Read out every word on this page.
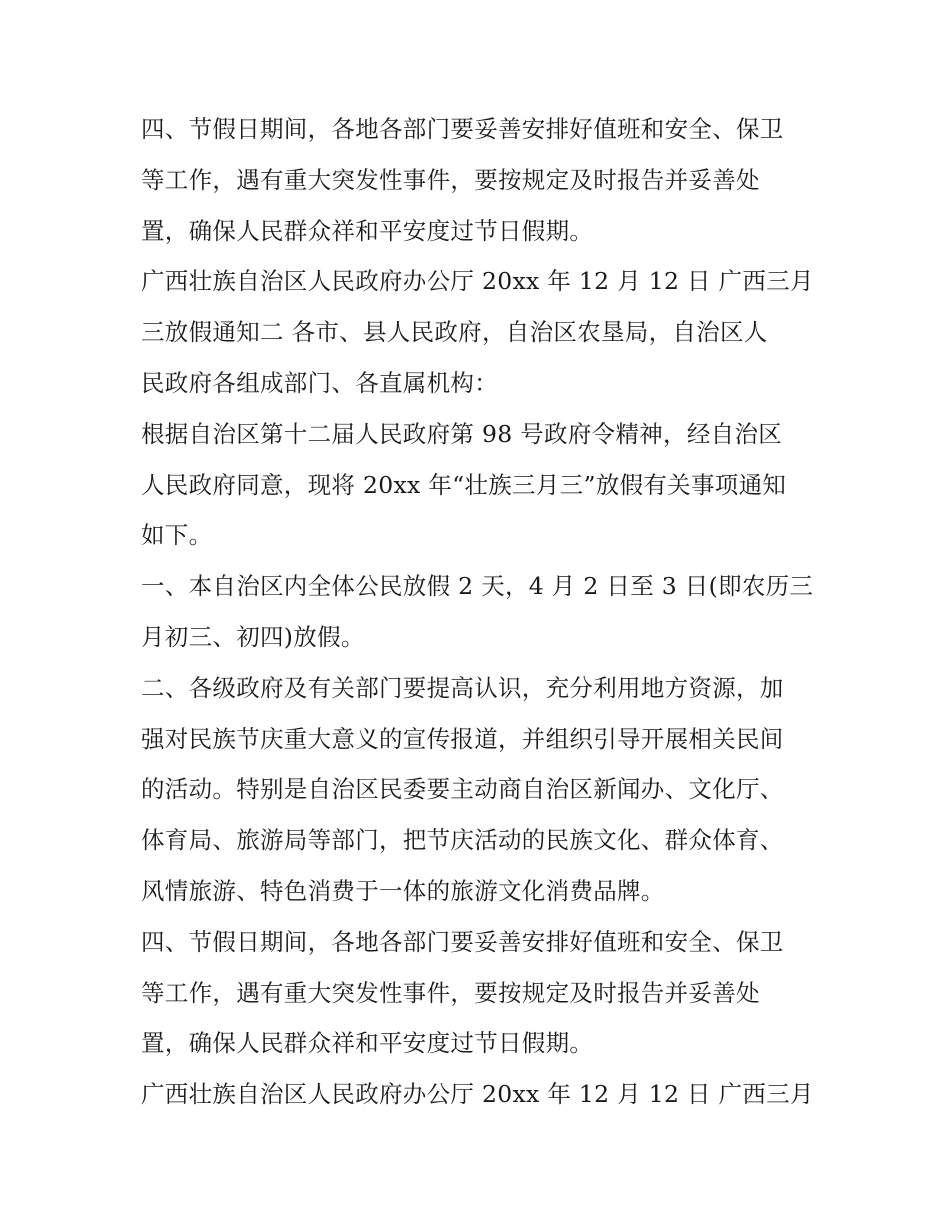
四、节假日期间，各地各部门要妥善安排好值班和安全、保卫
等工作，遇有重大突发性事件，要按规定及时报告并妥善处
置，确保人民群众祥和平安度过节日假期。

广西壮族自治区人民政府办公厅 20xx 年 12 月 12 日 广西三月
三放假通知二 各市、县人民政府，自治区农垦局，自治区人
民政府各组成部门、各直属机构：

根据自治区第十二届人民政府第 98 号政府令精神，经自治区
人民政府同意，现将 20xx 年“壮族三月三”放假有关事项通知
如下。

一、本自治区内全体公民放假 2 天，4 月 2 日至 3 日(即农历三
月初三、初四)放假。

二、各级政府及有关部门要提高认识，充分利用地方资源，加
强对民族节庆重大意义的宣传报道，并组织引导开展相关民间
的活动。特别是自治区民委要主动商自治区新闻办、文化厅、
体育局、旅游局等部门，把节庆活动的民族文化、群众体育、
风情旅游、特色消费于一体的旅游文化消费品牌。

四、节假日期间，各地各部门要妥善安排好值班和安全、保卫
等工作，遇有重大突发性事件，要按规定及时报告并妥善处
置，确保人民群众祥和平安度过节日假期。

广西壮族自治区人民政府办公厅 20xx 年 12 月 12 日 广西三月
